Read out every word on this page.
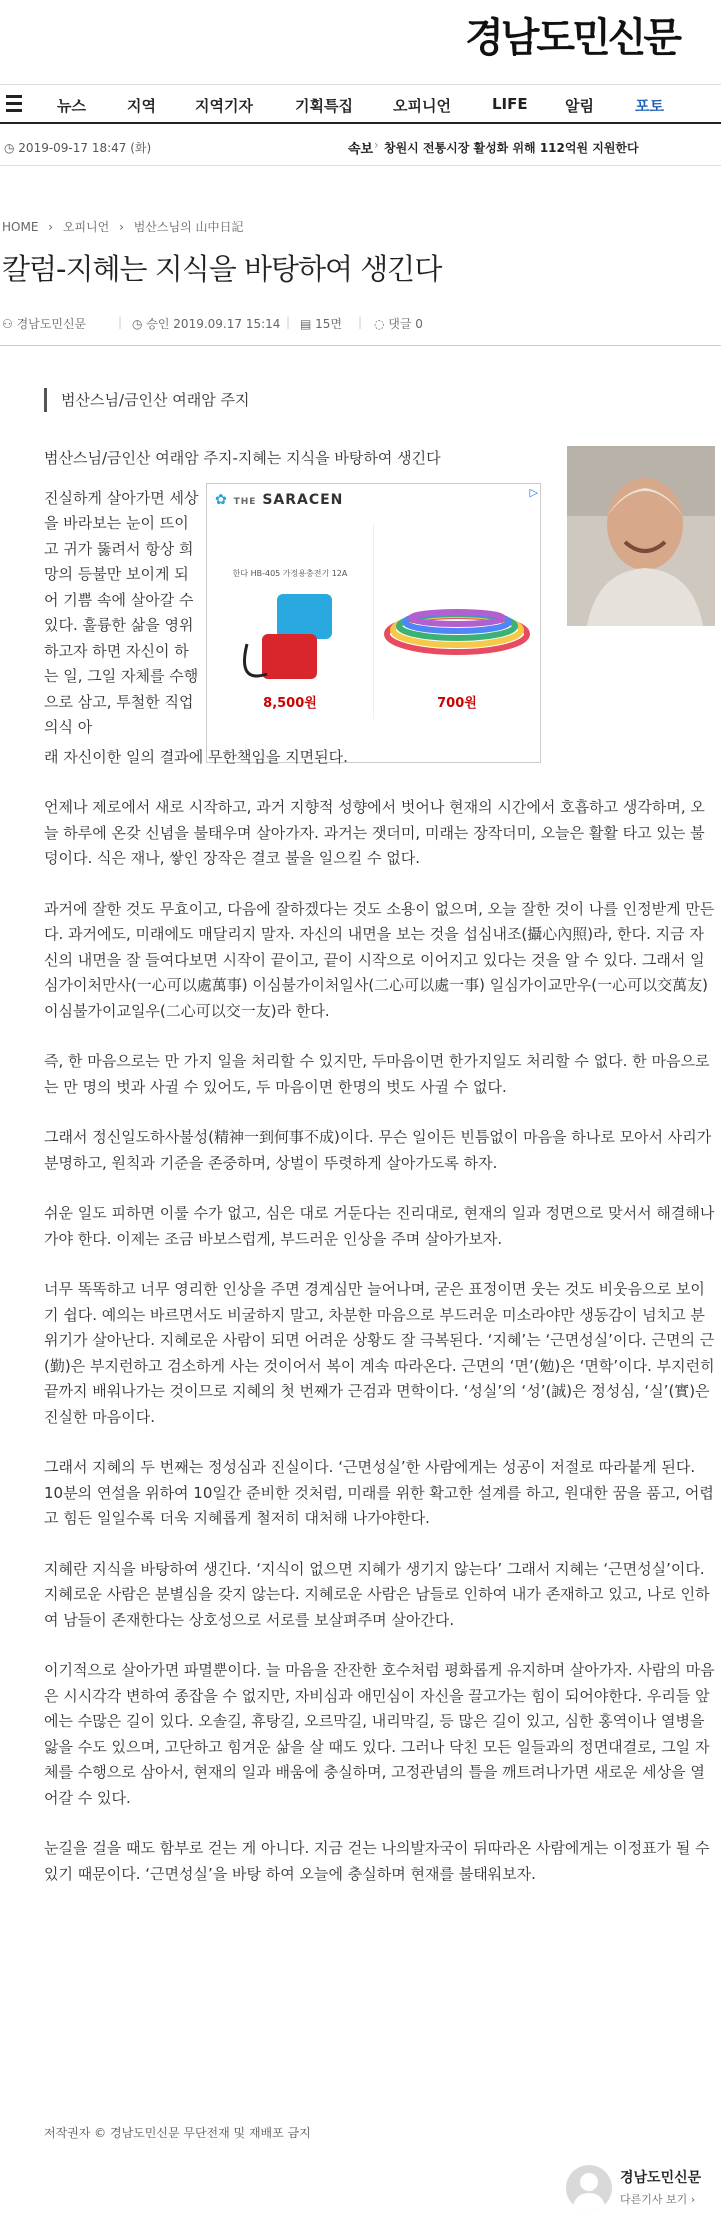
경남도민신문
뉴스	지역	지역기자	기획특집	오피니언	LIFE 알림	포토
◷ 2019-09-17 18:47 (화)	속보 › 창원시 전통시장 활성화 위해 112억원 지원한다
HOME › 오피니언 › 범산스님의 山中日記
칼럼-지혜는 지식을 바탕하여 생긴다
⚇ 경남도민신문	| ◷ 승인 2019.09.17 15:14 | ▤ 15면 | ◌ 댓글 0
범산스님/금인산 여래암 주지
✿ THE SARACEN	▷
한다 HB-405 가정용충전기 12A
8,500원	700원

범산스님/금인산 여래암 주지-지혜는 지식을 바탕하여 생긴다

진실하게 살아가면 세상을 바라보는 눈이 뜨이고 귀가 뚫려서 항상 희망의 등불만 보이게 되어 기쁨 속에 살아갈 수 있다. 훌륭한 삶을 영위하고자 하면 자신이 하는 일, 그일 자체를 수행으로 삼고, 투철한 직업의식 아

래 자신이한 일의 결과에 무한책임을 지면된다.

언제나 제로에서 새로 시작하고, 과거 지향적 성향에서 벗어나 현재의 시간에서 호흡하고 생각하며, 오늘 하루에 온갖 신념을 불태우며 살아가자. 과거는 잿더미, 미래는 장작더미, 오늘은 활활 타고 있는 불덩이다. 식은 재나, 쌓인 장작은 결코 불을 일으킬 수 없다.

과거에 잘한 것도 무효이고, 다음에 잘하겠다는 것도 소용이 없으며, 오늘 잘한 것이 나를 인정받게 만든다. 과거에도, 미래에도 매달리지 말자. 자신의 내면을 보는 것을 섭심내조(攝心內照)라, 한다. 지금 자신의 내면을 잘 들여다보면 시작이 끝이고, 끝이 시작으로 이어지고 있다는 것을 알 수 있다. 그래서 일심가이처만사(一心可以處萬事) 이심불가이처일사(二心可以處一事) 일심가이교만우(一心可以交萬友) 이심불가이교일우(二心可以交一友)라 한다.

즉, 한 마음으로는 만 가지 일을 처리할 수 있지만, 두마음이면 한가지일도 처리할 수 없다. 한 마음으로는 만 명의 벗과 사귈 수 있어도, 두 마음이면 한명의 벗도 사귈 수 없다.

그래서 정신일도하사불성(精神一到何事不成)이다. 무슨 일이든 빈틈없이 마음을 하나로 모아서 사리가 분명하고, 원칙과 기준을 존중하며, 상벌이 뚜렷하게 살아가도록 하자.

쉬운 일도 피하면 이룰 수가 없고, 심은 대로 거둔다는 진리대로, 현재의 일과 정면으로 맞서서 해결해나가야 한다. 이제는 조금 바보스럽게, 부드러운 인상을 주며 살아가보자.

너무 똑똑하고 너무 영리한 인상을 주면 경계심만 늘어나며, 굳은 표정이면 웃는 것도 비웃음으로 보이기 쉽다. 예의는 바르면서도 비굴하지 말고, 차분한 마음으로 부드러운 미소라야만 생동감이 넘치고 분위기가 살아난다. 지혜로운 사람이 되면 어려운 상황도 잘 극복된다. ‘지혜’는 ‘근면성실’이다. 근면의 근(勤)은 부지런하고 검소하게 사는 것이어서 복이 계속 따라온다. 근면의 ‘면’(勉)은 ‘면학’이다. 부지런히 끝까지 배워나가는 것이므로 지혜의 첫 번째가 근검과 면학이다. ‘성실’의 ‘성’(誠)은 정성심, ‘실’(實)은 진실한 마음이다.

그래서 지혜의 두 번째는 정성심과 진실이다. ‘근면성실’한 사람에게는 성공이 저절로 따라붙게 된다. 10분의 연설을 위하여 10일간 준비한 것처럼, 미래를 위한 확고한 설계를 하고, 원대한 꿈을 품고, 어렵고 힘든 일일수록 더욱 지혜롭게 철저히 대처해 나가야한다.

지혜란 지식을 바탕하여 생긴다. ‘지식이 없으면 지혜가 생기지 않는다’ 그래서 지혜는 ‘근면성실’이다. 지혜로운 사람은 분별심을 갖지 않는다. 지혜로운 사람은 남들로 인하여 내가 존재하고 있고, 나로 인하여 남들이 존재한다는 상호성으로 서로를 보살펴주며 살아간다.

이기적으로 살아가면 파멸뿐이다. 늘 마음을 잔잔한 호수처럼 평화롭게 유지하며 살아가자. 사람의 마음은 시시각각 변하여 종잡을 수 없지만, 자비심과 애민심이 자신을 끌고가는 힘이 되어야한다. 우리들 앞에는 수많은 길이 있다. 오솔길, 휴탕길, 오르막길, 내리막길, 등 많은 길이 있고, 심한 홍역이나 열병을 앓을 수도 있으며, 고단하고 힘겨운 삶을 살 때도 있다. 그러나 닥친 모든 일들과의 정면대결로, 그일 자체를 수행으로 삼아서, 현재의 일과 배움에 충실하며, 고정관념의 틀을 깨트려나가면 새로운 세상을 열어갈 수 있다.

눈길을 걸을 때도 함부로 걷는 게 아니다. 지금 걷는 나의발자국이 뒤따라온 사람에게는 이정표가 될 수 있기 때문이다. ‘근면성실’을 바탕 하여 오늘에 충실하며 현재를 불태워보자.

저작권자 © 경남도민신문 무단전재 및 재배포 금지
경남도민신문
다른기사 보기 ›
